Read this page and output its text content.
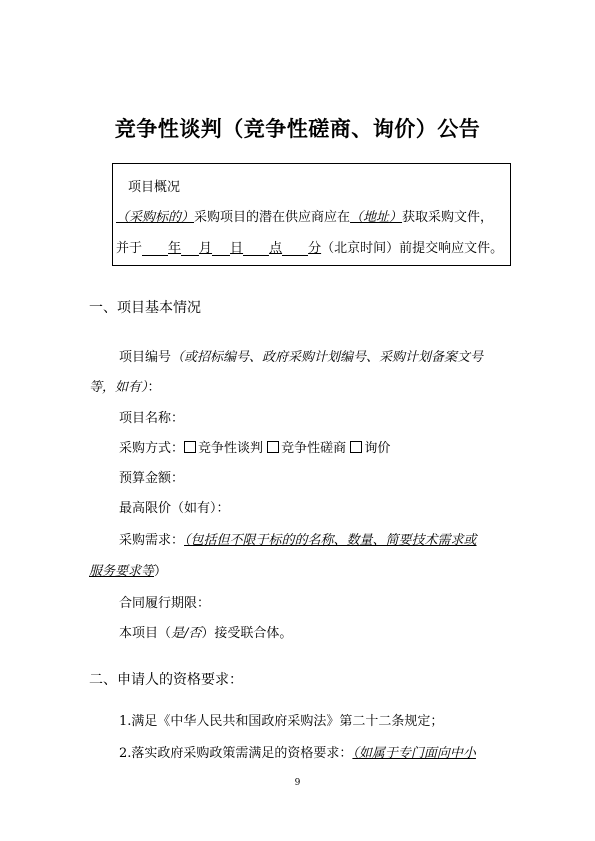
竞争性谈判（竞争性磋商、询价）公告
项目概况
（采购标的）采购项目的潜在供应商应在（地址）获取采购文件，
并于 年 月 日 点 分（北京时间）前提交响应文件。
一、项目基本情况
项目编号（或招标编号、政府采购计划编号、采购计划备案文号
等，如有）：
项目名称：
采购方式： 竞争性谈判 竞争性磋商 询价
预算金额：
最高限价（如有）：
采购需求：（包括但不限于标的的名称、数量、简要技术需求或
服务要求等）
合同履行期限：
本项目（是/否）接受联合体。
二、申请人的资格要求：
1.满足《中华人民共和国政府采购法》第二十二条规定；
2.落实政府采购政策需满足的资格要求：（如属于专门面向中小
9
